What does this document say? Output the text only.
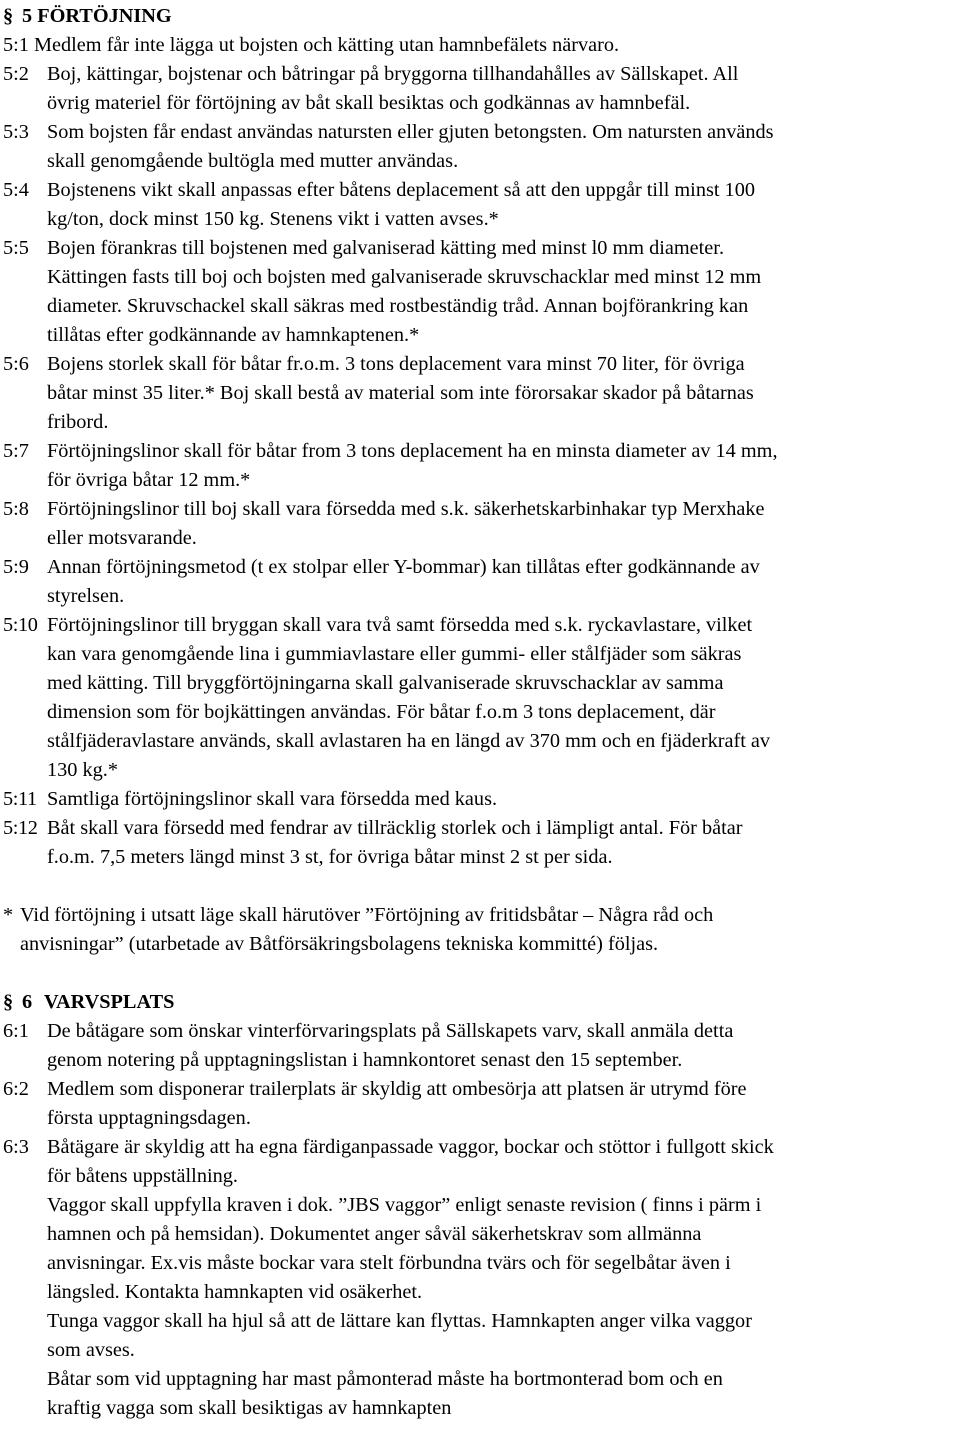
§ 5 FÖRTÖJNING
5:1 Medlem får inte lägga ut bojsten och kätting utan hamnbefälets närvaro.
5:2 Boj, kättingar, bojstenar och båtringar på bryggorna tillhandahålles av Sällskapet. All
övrig materiel för förtöjning av båt skall besiktas och godkännas av hamnbefäl.
5:3 Som bojsten får endast användas natursten eller gjuten betongsten. Om natursten används
skall genomgående bultögla med mutter användas.
5:4 Bojstenens vikt skall anpassas efter båtens deplacement så att den uppgår till minst 100
kg/ton, dock minst 150 kg. Stenens vikt i vatten avses.*
5:5 Bojen förankras till bojstenen med galvaniserad kätting med minst l0 mm diameter.
Kättingen fasts till boj och bojsten med galvaniserade skruvschacklar med minst 12 mm
diameter. Skruvschackel skall säkras med rostbeständig tråd. Annan bojförankring kan
tillåtas efter godkännande av hamnkaptenen.*
5:6 Bojens storlek skall för båtar fr.o.m. 3 tons deplacement vara minst 70 liter, för övriga
båtar minst 35 liter.* Boj skall bestå av material som inte förorsakar skador på båtarnas
fribord.
5:7 Förtöjningslinor skall för båtar from 3 tons deplacement ha en minsta diameter av 14 mm,
för övriga båtar 12 mm.*
5:8 Förtöjningslinor till boj skall vara försedda med s.k. säkerhetskarbinhakar typ Merxhake
eller motsvarande.
5:9 Annan förtöjningsmetod (t ex stolpar eller Y-bommar) kan tillåtas efter godkännande av
styrelsen.
5:10 Förtöjningslinor till bryggan skall vara två samt försedda med s.k. ryckavlastare, vilket
kan vara genomgående lina i gummiavlastare eller gummi- eller stålfjäder som säkras
med kätting. Till bryggförtöjningarna skall galvaniserade skruvschacklar av samma
dimension som för bojkättingen användas. För båtar f.o.m 3 tons deplacement, där
stålfjäderavlastare används, skall avlastaren ha en längd av 370 mm och en fjäderkraft av
130 kg.*
5:11 Samtliga förtöjningslinor skall vara försedda med kaus.
5:12 Båt skall vara försedd med fendrar av tillräcklig storlek och i lämpligt antal. För båtar
f.o.m. 7,5 meters längd minst 3 st, for övriga båtar minst 2 st per sida.
* Vid förtöjning i utsatt läge skall härutöver ”Förtöjning av fritidsbåtar – Några råd och
anvisningar” (utarbetade av Båtförsäkringsbolagens tekniska kommitté) följas.
§ 6 VARVSPLATS
6:1 De båtägare som önskar vinterförvaringsplats på Sällskapets varv, skall anmäla detta
genom notering på upptagningslistan i hamnkontoret senast den 15 september.
6:2 Medlem som disponerar trailerplats är skyldig att ombesörja att platsen är utrymd före
första upptagningsdagen.
6:3 Båtägare är skyldig att ha egna färdiganpassade vaggor, bockar och stöttor i fullgott skick
för båtens uppställning.
Vaggor skall uppfylla kraven i dok. ”JBS vaggor” enligt senaste revision ( finns i pärm i
hamnen och på hemsidan). Dokumentet anger såväl säkerhetskrav som allmänna
anvisningar. Ex.vis måste bockar vara stelt förbundna tvärs och för segelbåtar även i
längsled. Kontakta hamnkapten vid osäkerhet.
Tunga vaggor skall ha hjul så att de lättare kan flyttas. Hamnkapten anger vilka vaggor
som avses.
Båtar som vid upptagning har mast påmonterad måste ha bortmonterad bom och en
kraftig vagga som skall besiktigas av hamnkapten
